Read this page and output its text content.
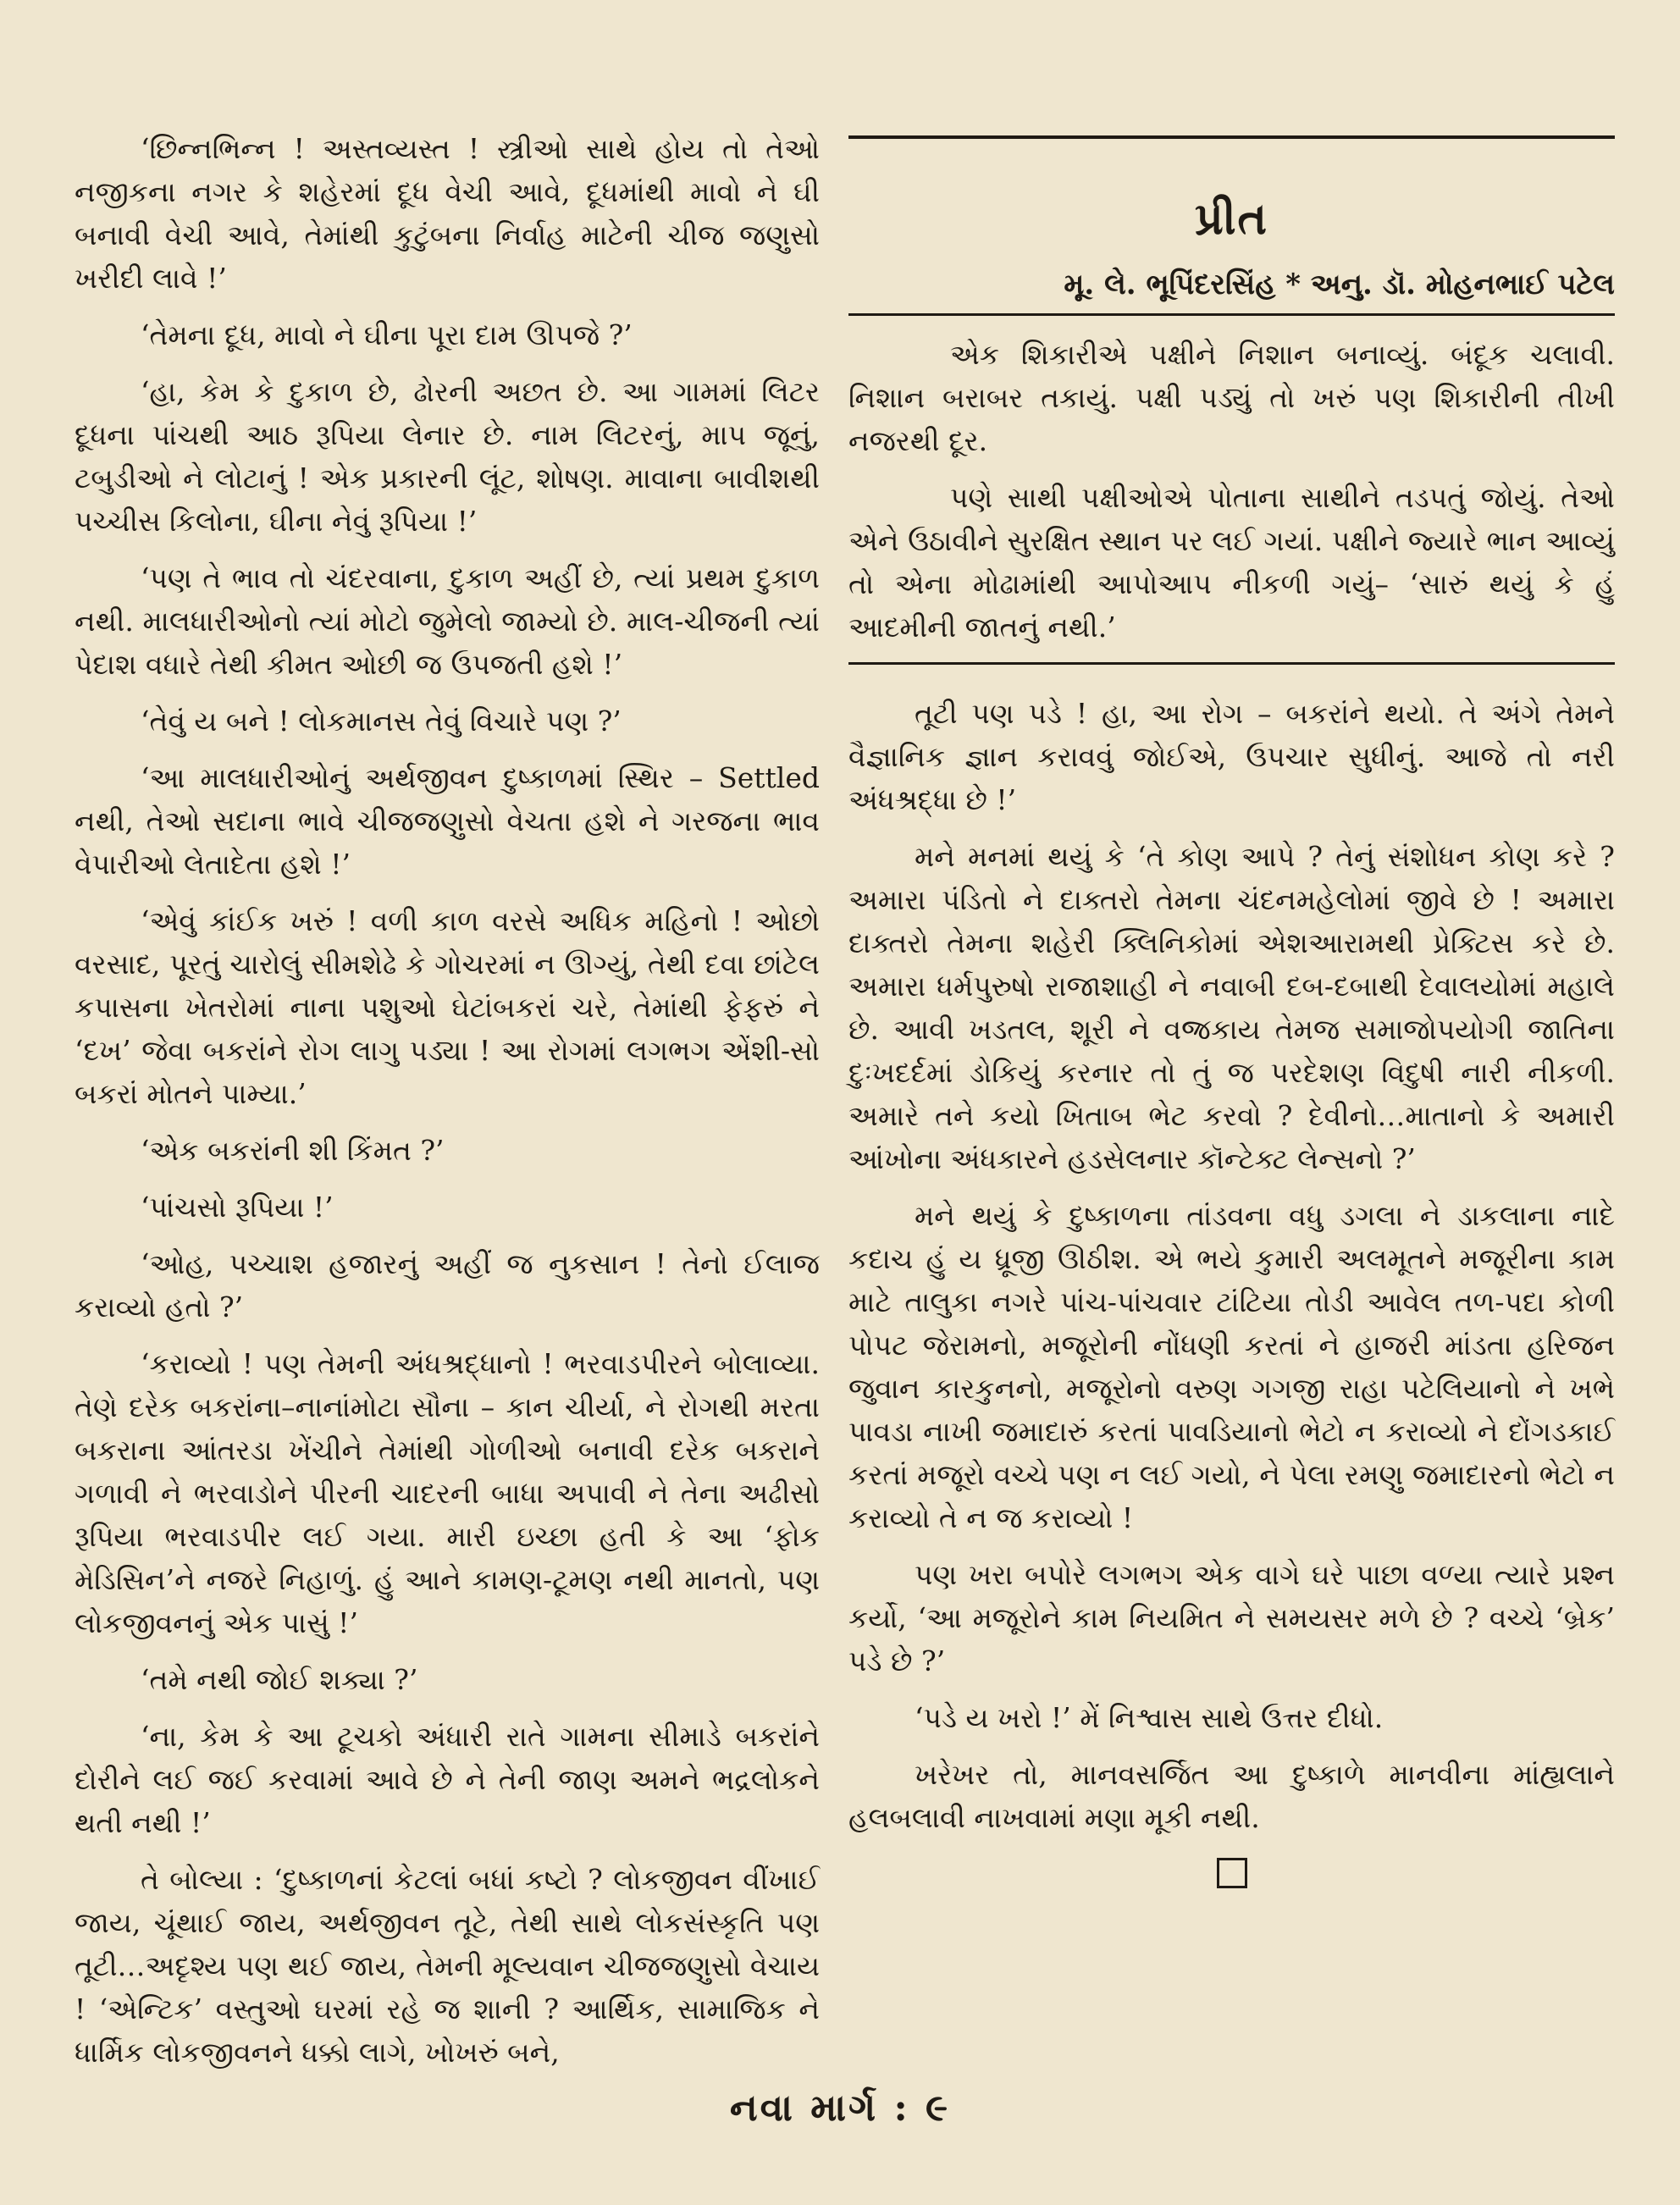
‘છિન્નભિન્ન ! અસ્તવ્યસ્ત ! સ્ત્રીઓ સાથે હોય તો તેઓ નજીકના નગર કે શહેરમાં દૂધ વેચી આવે, દૂધમાંથી માવો ને ઘી બનાવી વેચી આવે, તેમાંથી કુટુંબના નિર્વાહ માટેની ચીજ જણુસો ખરીદી લાવે !’

‘તેમના દૂધ, માવો ને ઘીના પૂરા દામ ઊપજે ?’

‘હા, કેમ કે દુકાળ છે, ઢોરની અછત છે. આ ગામમાં લિટર દૂધના પાંચથી આઠ રૂપિયા લેનાર છે. નામ લિટરનું, માપ જૂનું, ટબુડીઓ ને લોટાનું ! એક પ્રકારની લૂંટ, શોષણ. માવાના બાવીશથી પચ્ચીસ કિલોના, ઘીના નેવું રૂપિયા !’

‘પણ તે ભાવ તો ચંદરવાના, દુકાળ અહીં છે, ત્યાં પ્રથમ દુકાળ નથી. માલધારીઓનો ત્યાં મોટો જુમેલો જામ્યો છે. માલ-ચીજની ત્યાં પેદાશ વધારે તેથી કીમત ઓછી જ ઉપજતી હશે !’

‘તેવું ય બને ! લોકમાનસ તેવું વિચારે પણ ?’

‘આ માલધારીઓનું અર્થજીવન દુષ્કાળમાં સ્થિર – Settled નથી, તેઓ સદાના ભાવે ચીજજણુસો વેચતા હશે ને ગરજના ભાવ વેપારીઓ લેતાદેતા હશે !’

‘એવું કાંઈક ખરું ! વળી કાળ વરસે અધિક મહિનો ! ઓછો વરસાદ, પૂરતું ચારોલું સીમશેઢે કે ગોચરમાં ન ઊગ્યું, તેથી દવા છાંટેલ કપાસના ખેતરોમાં નાના પશુઓ ઘેટાંબકરાં ચરે, તેમાંથી ફેફરું ને ‘દખ’ જેવા બકરાંને રોગ લાગુ પડ્યા ! આ રોગમાં લગભગ એંશી-સો બકરાં મોતને પામ્યા.’

‘એક બકરાંની શી કિંમત ?’

‘પાંચસો રૂપિયા !’

‘ઓહ, પચ્ચાશ હજારનું અહીં જ નુકસાન ! તેનો ઈલાજ કરાવ્યો હતો ?’

‘કરાવ્યો ! પણ તેમની અંધશ્રદ્ધાનો ! ભરવાડપીરને બોલાવ્યા. તેણે દરેક બકરાંના–નાનાંમોટા સૌના – કાન ચીર્યા, ને રોગથી મરતા બકરાના આંતરડા ખેંચીને તેમાંથી ગોળીઓ બનાવી દરેક બકરાને ગળાવી ને ભરવાડોને પીરની ચાદરની બાધા અપાવી ને તેના અઢીસો રૂપિયા ભરવાડપીર લઈ ગયા. મારી ઇચ્છા હતી કે આ ‘ફોક મેડિસિન’ને નજરે નિહાળું. હું આને કામણ-ટૂમણ નથી માનતો, પણ લોકજીવનનું એક પાસું !’

‘તમે નથી જોઈ શક્યા ?’

‘ના, કેમ કે આ ટૂચકો અંધારી રાતે ગામના સીમાડે બકરાંને દોરીને લઈ જઈ કરવામાં આવે છે ને તેની જાણ અમને ભદ્રલોકને થતી નથી !’

તે બોલ્યા : ‘દુષ્કાળનાં કેટલાં બધાં કષ્ટો ? લોકજીવન વીંખાઈ જાય, ચૂંથાઈ જાય, અર્થજીવન તૂટે, તેથી સાથે લોકસંસ્કૃતિ પણ તૂટી…અદૃશ્ય પણ થઈ જાય, તેમની મૂલ્યવાન ચીજજણુસો વેચાય ! ‘એન્ટિક’ વસ્તુઓ ઘરમાં રહે જ શાની ? આર્થિક, સામાજિક ને ધાર્મિક લોકજીવનને ધક્કો લાગે, ખોખરું બને,

પ્રીત
મૂ. લે. ભૂપિંદરસિંહ * અનુ. ડૉ. મોહનભાઈ પટેલ

એક શિકારીએ પક્ષીને નિશાન બનાવ્યું. બંદૂક ચલાવી. નિશાન બરાબર તકાયું. પક્ષી પડ્યું તો ખરું પણ શિકારીની તીખી નજરથી દૂર.

પણે સાથી પક્ષીઓએ પોતાના સાથીને તડપતું જોયું. તેઓ એને ઉઠાવીને સુરક્ષિત સ્થાન પર લઈ ગયાં. પક્ષીને જ્યારે ભાન આવ્યું તો એના મોઢામાંથી આપોઆપ નીકળી ગયું– ‘સારું થયું કે હું આદમીની જાતનું નથી.’

તૂટી પણ પડે ! હા, આ રોગ – બકરાંને થયો. તે અંગે તેમને વૈજ્ઞાનિક જ્ઞાન કરાવવું જોઈએ, ઉપચાર સુધીનું. આજે તો નરી અંધશ્રદ્ધા છે !’

મને મનમાં થયું કે ‘તે કોણ આપે ? તેનું સંશોધન કોણ કરે ? અમારા પંડિતો ને દાક્તરો તેમના ચંદનમહેલોમાં જીવે છે ! અમારા દાક્તરો તેમના શહેરી ક્લિનિકોમાં એશઆરામથી પ્રેક્ટિસ કરે છે. અમારા ધર્મપુરુષો રાજાશાહી ને નવાબી દબ-દબાથી દેવાલયોમાં મહાલે છે. આવી ખડતલ, શૂરી ને વજ્રકાય તેમજ સમાજોપયોગી જાતિના દુઃખદર્દમાં ડોકિયું કરનાર તો તું જ પરદેશણ વિદુષી નારી નીકળી. અમારે તને કયો ખિતાબ ભેટ કરવો ? દેવીનો…માતાનો કે અમારી આંખોના અંધકારને હડસેલનાર કૉન્ટેક્ટ લેન્સનો ?’

મને થયું કે દુષ્કાળના તાંડવના વધુ ડગલા ને ડાકલાના નાદે કદાચ હું ય ધ્રૂજી ઊઠીશ. એ ભયે કુમારી અલમૂતને મજૂરીના કામ માટે તાલુકા નગરે પાંચ-પાંચવાર ટાંટિયા તોડી આવેલ તળ-પદા કોળી પોપટ જેરામનો, મજૂરોની નોંધણી કરતાં ને હાજરી માંડતા હરિજન જુવાન કારકુનનો, મજૂરોનો વરુણ ગગજી રાહા પટેલિયાનો ને ખભે પાવડા નાખી જમાદારું કરતાં પાવડિયાનો ભેટો ન કરાવ્યો ને દોંગડકાઈ કરતાં મજૂરો વચ્ચે પણ ન લઈ ગયો, ને પેલા રમણુ જમાદારનો ભેટો ન કરાવ્યો તે ન જ કરાવ્યો !

પણ ખરા બપોરે લગભગ એક વાગે ઘરે પાછા વળ્યા ત્યારે પ્રશ્ન કર્યો, ‘આ મજૂરોને કામ નિયમિત ને સમયસર મળે છે ? વચ્ચે ‘બ્રેક’ પડે છે ?’

‘પડે ય ખરો !’ મેં નિશ્વાસ સાથે ઉત્તર દીધો.

ખરેખર તો, માનવસર્જિત આ દુષ્કાળે માનવીના માંહ્યલાને હલબલાવી નાખવામાં મણા મૂકી નથી.

નવા માર્ગ : ૯
